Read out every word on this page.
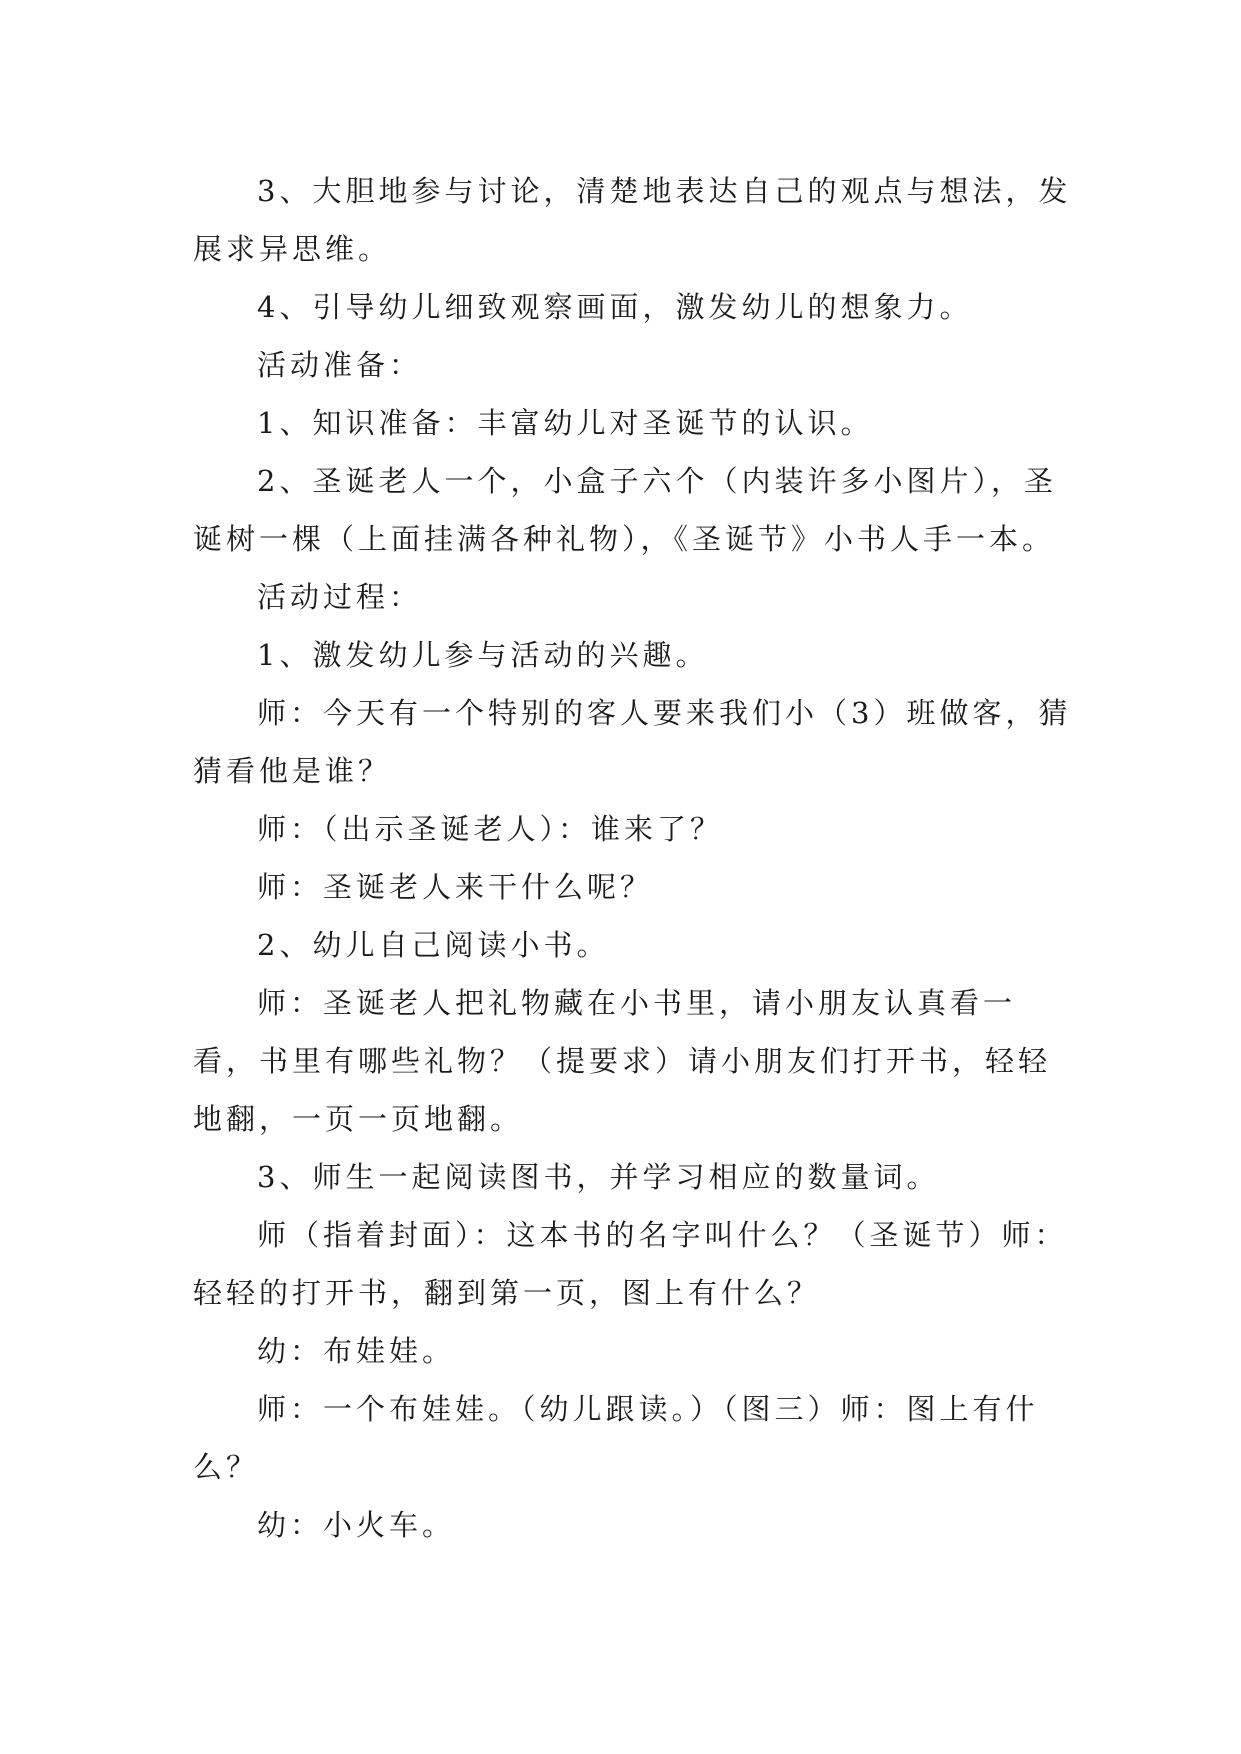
3、大胆地参与讨论，清楚地表达自己的观点与想法，发展求异思维。

4、引导幼儿细致观察画面，激发幼儿的想象力。

活动准备：

1、知识准备：丰富幼儿对圣诞节的认识。

2、圣诞老人一个，小盒子六个（内装许多小图片），圣诞树一棵（上面挂满各种礼物），《圣诞节》小书人手一本。

活动过程：

1、激发幼儿参与活动的兴趣。

师：今天有一个特别的客人要来我们小（3）班做客，猜猜看他是谁？

师：（出示圣诞老人）：谁来了？

师：圣诞老人来干什么呢？

2、幼儿自己阅读小书。

师：圣诞老人把礼物藏在小书里，请小朋友认真看一看，书里有哪些礼物？（提要求）请小朋友们打开书，轻轻地翻，一页一页地翻。

3、师生一起阅读图书，并学习相应的数量词。

师（指着封面）：这本书的名字叫什么？（圣诞节）师：轻轻的打开书，翻到第一页，图上有什么？

幼：布娃娃。

师：一个布娃娃。（幼儿跟读。）（图三）师：图上有什么？

幼：小火车。
